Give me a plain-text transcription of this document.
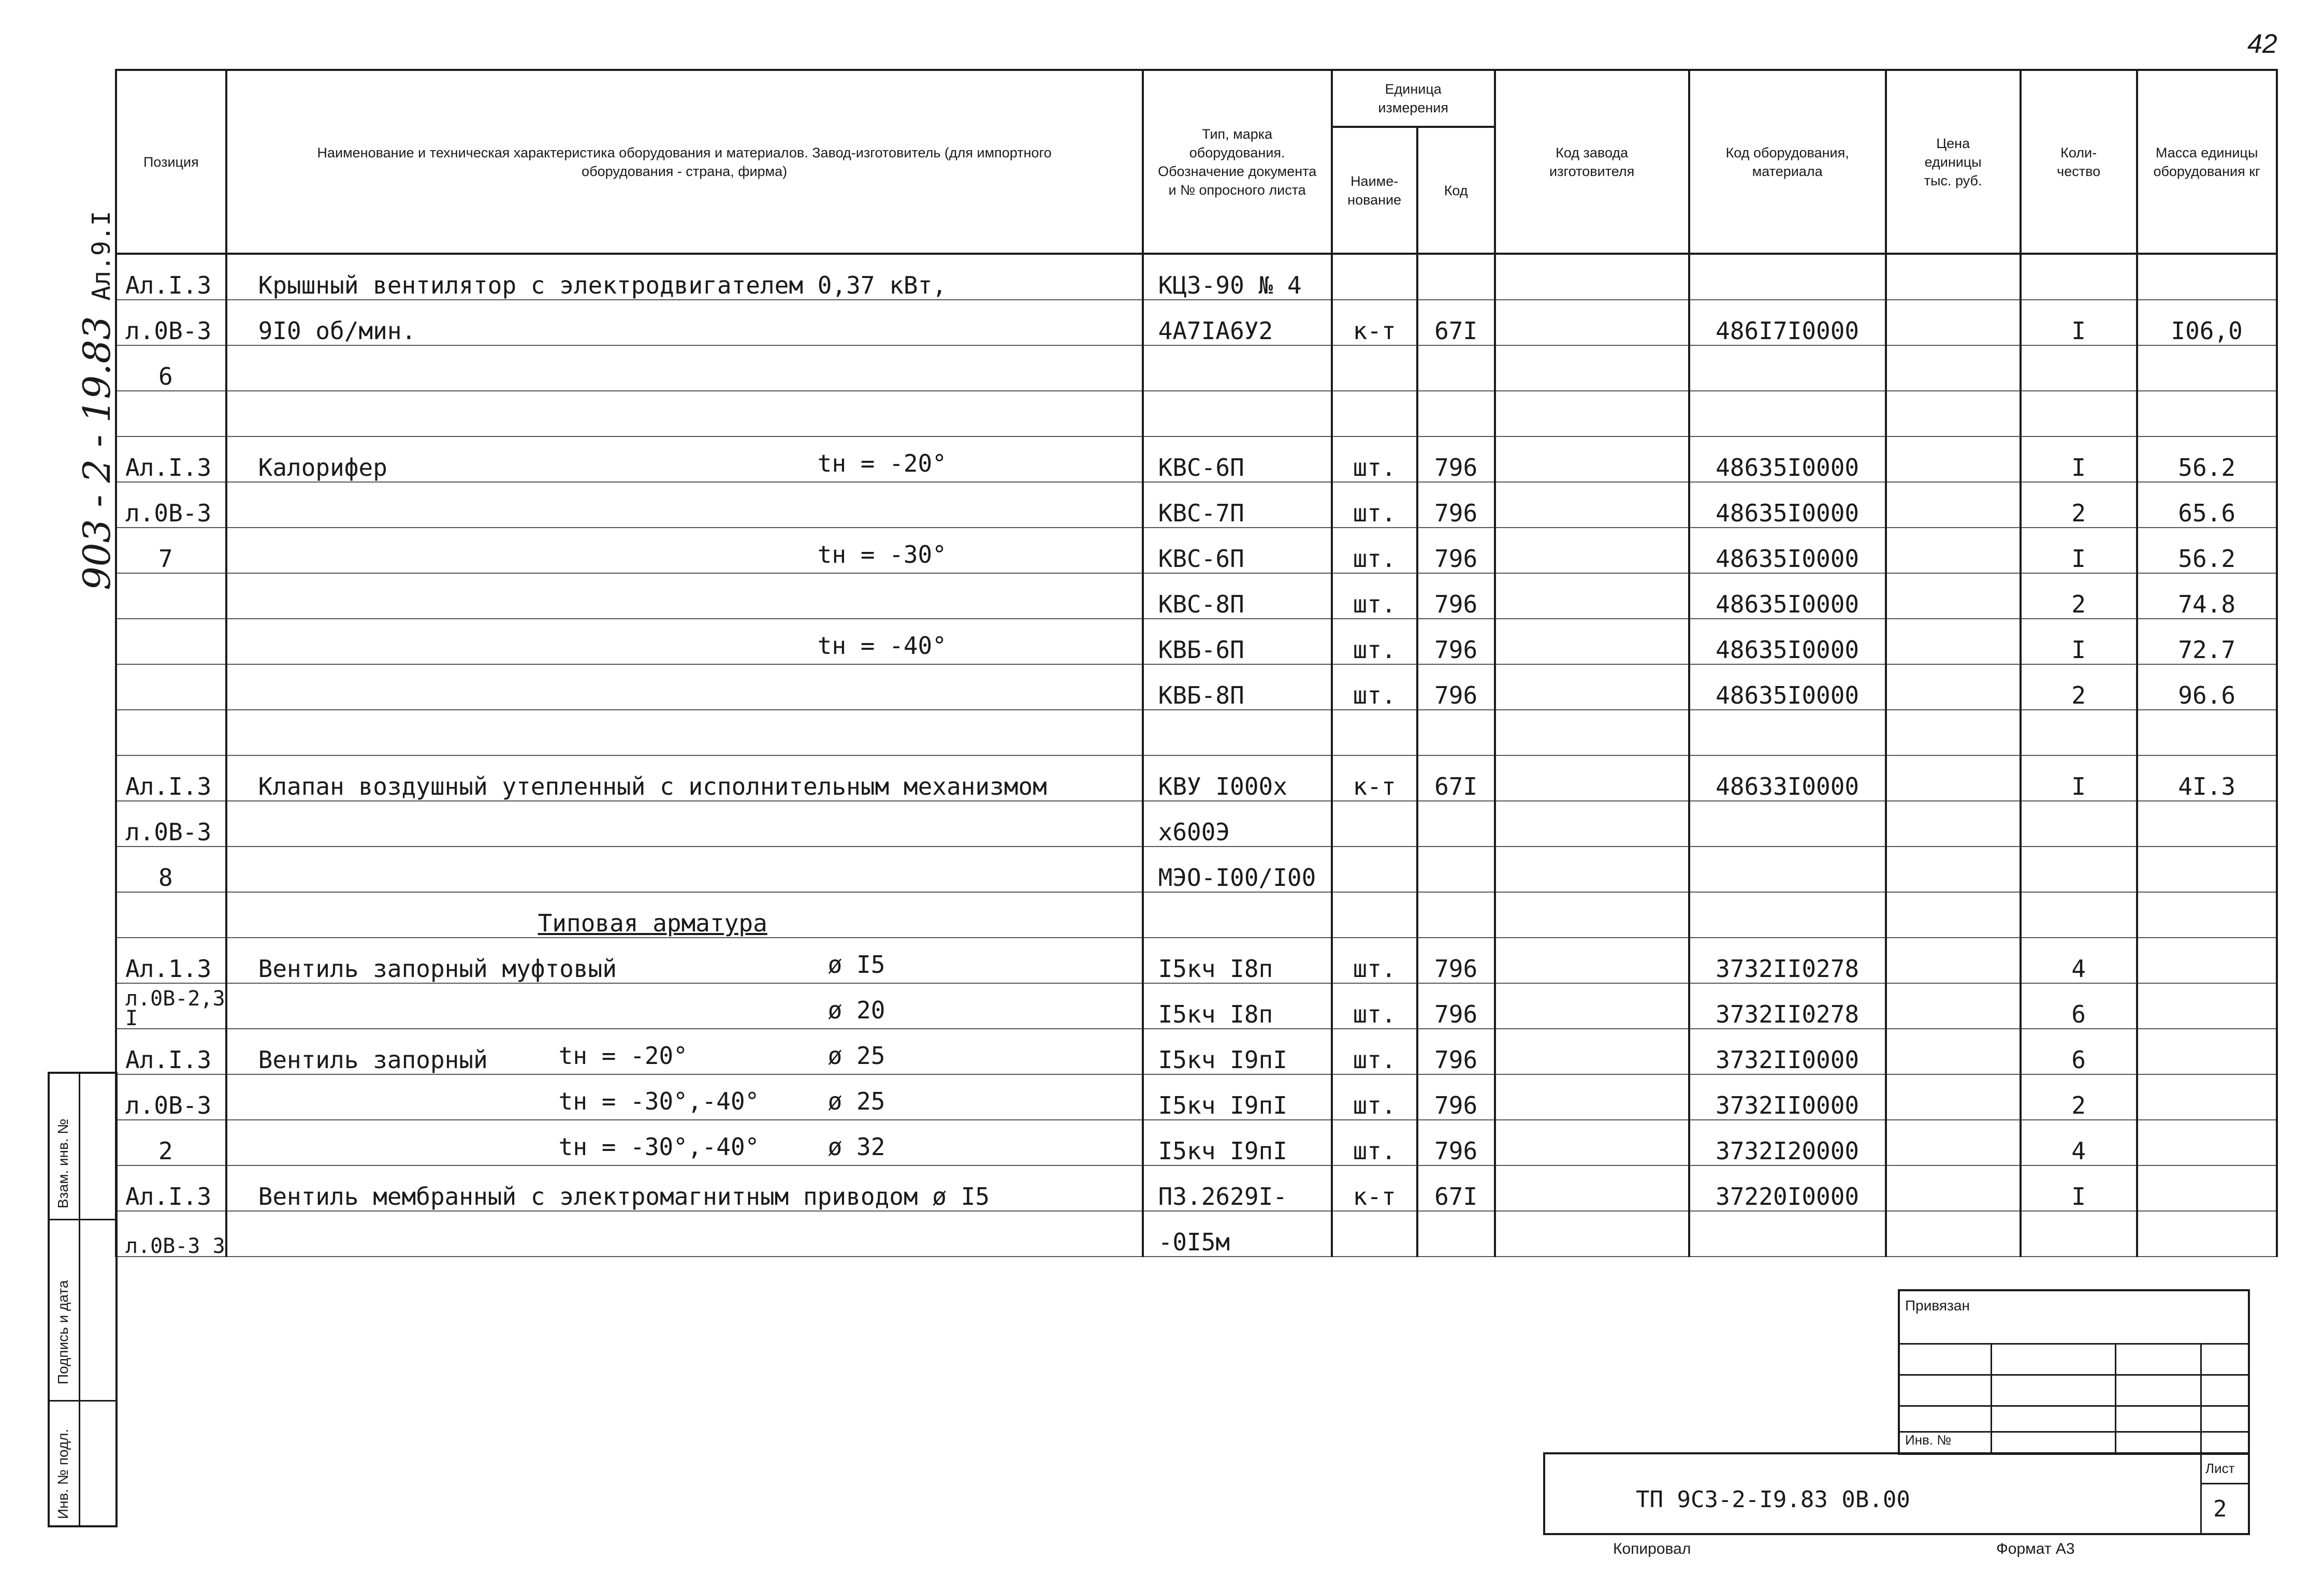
42
903 - 2 - 19.83 Ал.9.I
Позиция	Наименование и техническая характеристика оборудования и материалов. Завод-изготовитель (для импортного оборудования - страна, фирма)	Тип, марка оборудования. Обозначение документа и № опросного листа	Единица измерения		Код завода изготовителя	Код оборудования, материала	Цена единицы тыс. руб.	Коли-чество	Масса единицы оборудования кг
			Наиме-нование	Код					
Ал.I.3	Крышный вентилятор с электродвигателем 0,37 кВт,	КЦЗ-90 № 4							
л.0В-3	9I0 об/мин.	4А7IА6У2	к-т	67I		486I7I0000		I	I06,0
6									

Ал.I.3	Калорифер tн = -20°	КВС-6П	шт.	796		48635I0000		I	56.2
л.0В-3		КВС-7П	шт.	796		48635I0000		2	65.6
7	tн = -30°	КВС-6П	шт.	796		48635I0000		I	56.2
		КВС-8П	шт.	796		48635I0000		2	74.8

	tн = -40°	КВБ-6П	шт.	796		48635I0000		I	72.7
		КВБ-8П	шт.	796		48635I0000		2	96.6

Ал.I.3	Клапан воздушный утепленный с исполнительным механизмом	КВУ I000х	к-т	67I		48633I0000		I	4I.3
л.0В-3		х600Э							
8		МЭО-I00/I00							
	Типовая арматура								
Ал.1.3	Вентиль запорный муфтовый ø I5	I5кч I8п	шт.	796		3732II0278		4	
л.0В-2,3 I	ø 20	I5кч I8п	шт.	796		3732II0278		6	
Ал.I.3	Вентиль запорный tн = -20° ø 25	I5кч I9пI	шт.	796		3732II0000		6	
л.0В-3	tн = -30°,-40° ø 25	I5кч I9пI	шт.	796		3732II0000		2	
2	tн = -30°,-40° ø 32	I5кч I9пI	шт.	796		3732I20000		4	
Ал.I.3	Вентиль мембранный с электромагнитным приводом ø I5	ПЗ.2629I-	к-т	67I		37220I0000		I	
л.0В-3 3		-0I5м							
Взам. инв. №
Подпись и дата
Инв. № подл.
Привязан
Инв. №
ТП 9С3-2-I9.83 0В.00
Лист
2
Копировал	Формат А3
